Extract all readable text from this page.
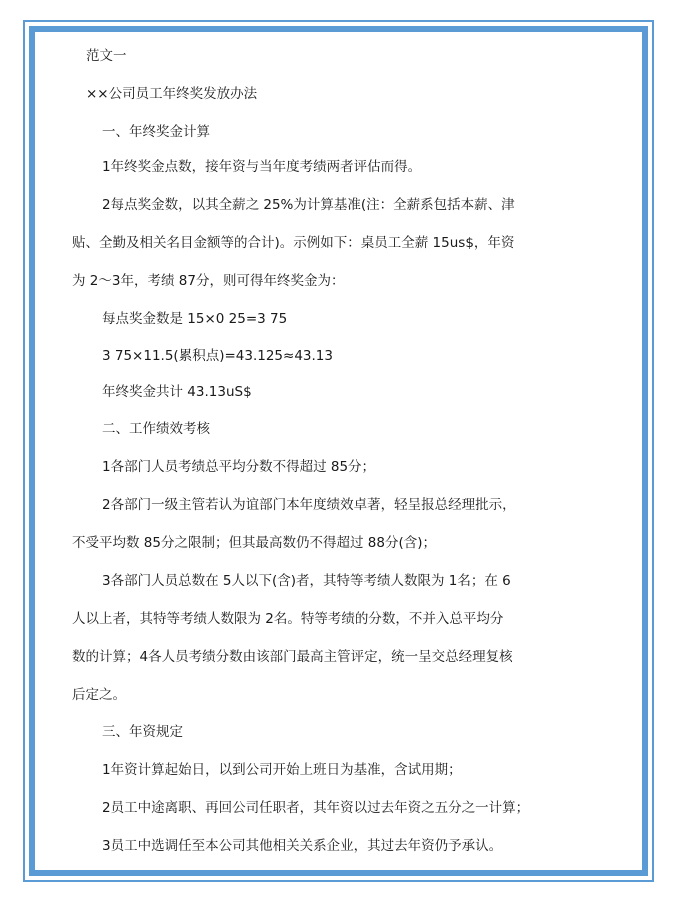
范文一
××公司员工年终奖发放办法
一、年终奖金计算
1年终奖金点数，接年资与当年度考绩两者评估而得。
2每点奖金数，以其全薪之 25%为计算基准(注：全薪系包括本薪、津
贴、全勤及相关名目金额等的合计)。示例如下：桌员工全薪 15us$，年资
为 2～3年，考绩 87分，则可得年终奖金为：
每点奖金数是 15×0 25=3 75
3 75×11.5(累积点)=43.125≈43.13
年终奖金共计 43.13uS$
二、工作绩效考核
1各部门人员考绩总平均分数不得超过 85分；
2各部门一级主管若认为谊部门本年度绩效卓著，轻呈报总经理批示，
不受平均数 85分之限制；但其最高数仍不得超过 88分(含)；
3各部门人员总数在 5人以下(含)者，其特等考绩人数限为 1名；在 6
人以上者，其特等考绩人数限为 2名。特等考绩的分数，不并入总平均分
数的计算；4各人员考绩分数由该部门最高主管评定，统一呈交总经理复核
后定之。
三、年资规定
1年资计算起始日，以到公司开始上班日为基准，含试用期；
2员工中途离职、再回公司任职者，其年资以过去年资之五分之一计算；
3员工中选调任至本公司其他相关关系企业，其过去年资仍予承认。
